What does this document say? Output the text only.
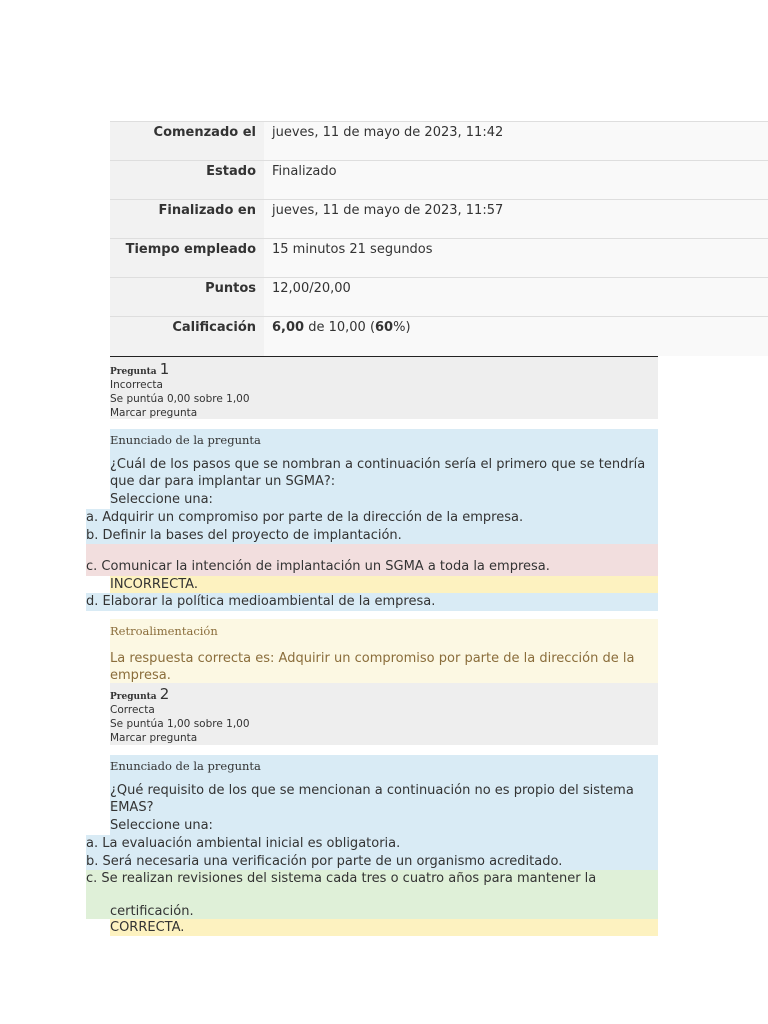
Comenzado el	jueves, 11 de mayo de 2023, 11:42
Estado	Finalizado
Finalizado en	jueves, 11 de mayo de 2023, 11:57
Tiempo empleado	15 minutos 21 segundos
Puntos	12,00/20,00
Calificación	6,00 de 10,00 (60%)
Pregunta 1
Incorrecta
Se puntúa 0,00 sobre 1,00
Marcar pregunta
Enunciado de la pregunta
¿Cuál de los pasos que se nombran a continuación sería el primero que se tendría que dar para implantar un SGMA?:
Seleccione una:
a. Adquirir un compromiso por parte de la dirección de la empresa.
b. Definir la bases del proyecto de implantación.
c. Comunicar la intención de implantación un SGMA a toda la empresa.
INCORRECTA.
d. Elaborar la política medioambiental de la empresa.
Retroalimentación
La respuesta correcta es: Adquirir un compromiso por parte de la dirección de la empresa.
Pregunta 2
Correcta
Se puntúa 1,00 sobre 1,00
Marcar pregunta
Enunciado de la pregunta
¿Qué requisito de los que se mencionan a continuación no es propio del sistema EMAS?
Seleccione una:
a. La evaluación ambiental inicial es obligatoria.
b. Será necesaria una verificación por parte de un organismo acreditado.
c. Se realizan revisiones del sistema cada tres o cuatro años para mantener la
certificación.
CORRECTA.
